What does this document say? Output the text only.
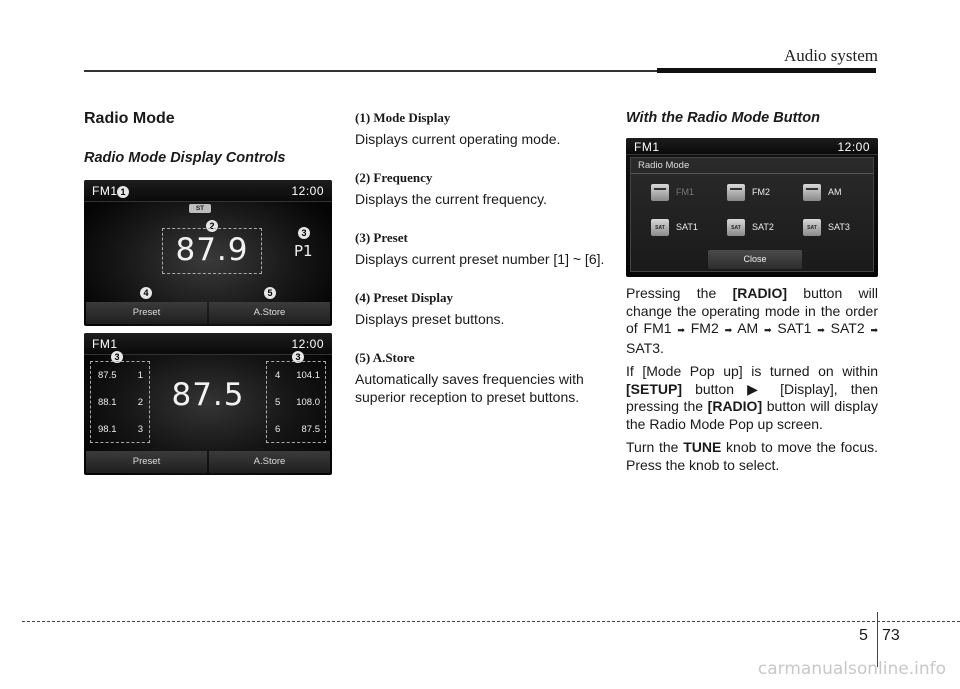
Audio system
Radio Mode
Radio Mode Display Controls
FM1	12:00
1
ST
2
3
87.9	P1
4	5
Preset	A.Store
FM1	12:00
3	3
87.5 1
88.1 2
98.1 3
87.5
4 104.1
5 108.0
6 87.5
Preset	A.Store
(1) Mode Display
Displays current operating mode.
(2) Frequency
Displays the current frequency.
(3) Preset
Displays current preset number [1] ~ [6].
(4) Preset Display
Displays preset buttons.
(5) A.Store
Automatically saves frequencies with superior reception to preset buttons.
With the Radio Mode Button
FM1	12:00
Radio Mode
FM1	FM2	AM
SAT
SAT1 SAT	SAT2 SAT	SAT3
Close

Pressing the [RADIO] button will change the operating mode in the order of FM1 ➡ FM2 ➡ AM ➡ SAT1 ➡ SAT2 ➡ SAT3.

If [Mode Pop up] is turned on within [SETUP] button ▶ [Display], then pressing the [RADIO] button will display the Radio Mode Pop up screen.

Turn the TUNE knob to move the focus. Press the knob to select.

5 73
carmanualsonline.info
